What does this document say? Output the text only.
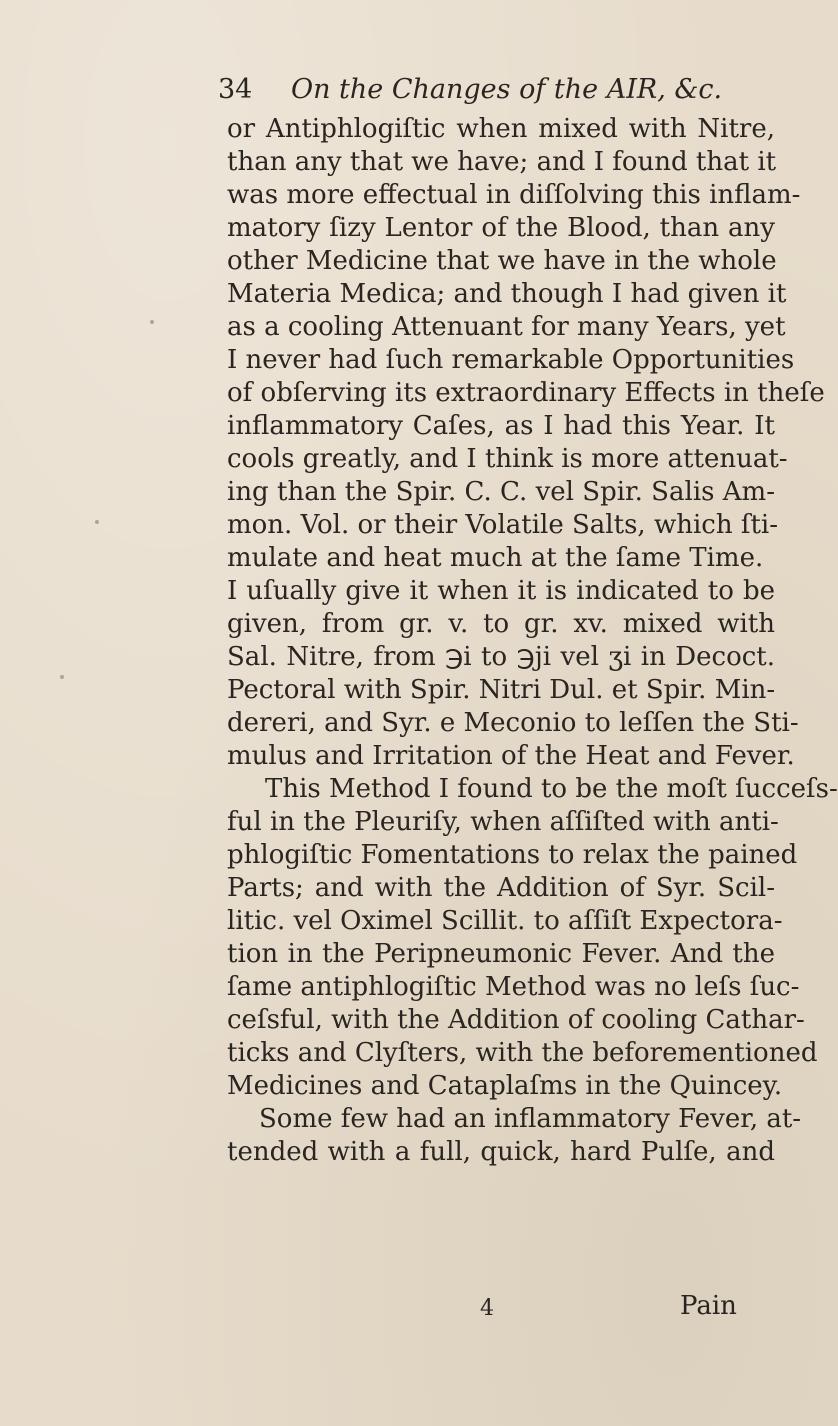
34 On the Changes of the AIR, &c.
or Antiphlogiſtic when mixed with Nitre,
than any that we have; and I found that it
was more effectual in diſſolving this inflam-
matory ſizy Lentor of the Blood, than any
other Medicine that we have in the whole
Materia Medica; and though I had given it
as a cooling Attenuant for many Years, yet
I never had ſuch remarkable Opportunities
of obſerving its extraordinary Effects in theſe
inflammatory Caſes, as I had this Year. It
cools greatly, and I think is more attenuat-
ing than the Spir. C. C. vel Spir. Salis Am-
mon. Vol. or their Volatile Salts, which ſti-
mulate and heat much at the ſame Time.
I uſually give it when it is indicated to be
given, from gr. v. to gr. xv. mixed with
Sal. Nitre, from ℈i to ℈ji vel ʒi in Decoct.
Pectoral with Spir. Nitri Dul. et Spir. Min-
dereri, and Syr. e Meconio to leſſen the Sti-
mulus and Irritation of the Heat and Fever.
This Method I found to be the moſt ſucceſs-
ful in the Pleuriſy, when aſſiſted with anti-
phlogiſtic Fomentations to relax the pained
Parts; and with the Addition of Syr. Scil-
litic. vel Oximel Scillit. to aſſiſt Expectora-
tion in the Peripneumonic Fever. And the
ſame antiphlogiſtic Method was no leſs ſuc-
ceſsful, with the Addition of cooling Cathar-
ticks and Clyſters, with the beforementioned
Medicines and Cataplaſms in the Quincey.
Some few had an inflammatory Fever, at-
tended with a full, quick, hard Pulſe, and
4	Pain
